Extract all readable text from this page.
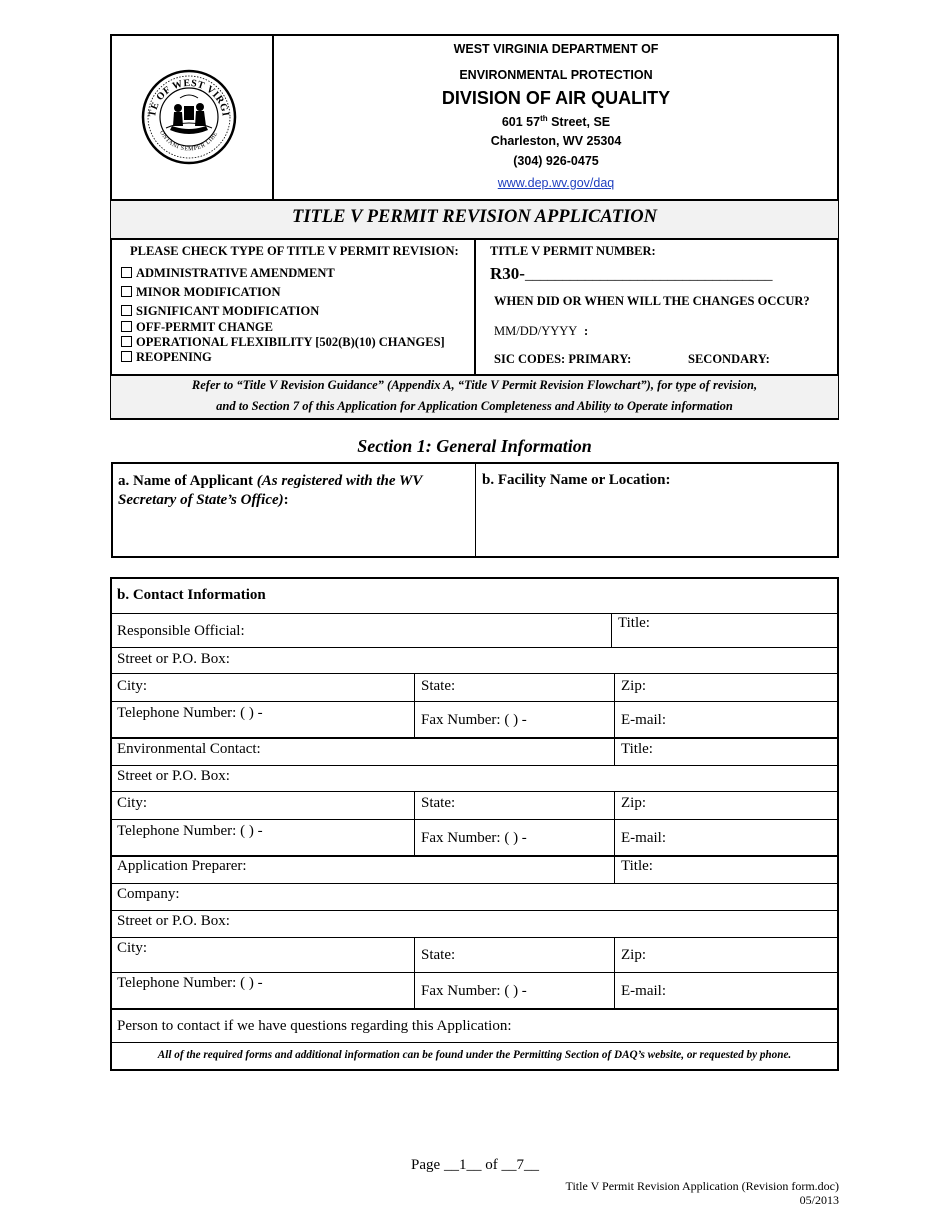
TE OF WEST VIRGI
ONTANI SEMPER LIBE
WEST VIRGINIA DEPARTMENT OF
ENVIRONMENTAL PROTECTION
DIVISION OF AIR QUALITY
601 57th Street, SE
Charleston, WV 25304
(304) 926-0475
www.dep.wv.gov/daq
TITLE V PERMIT REVISION APPLICATION
PLEASE CHECK TYPE OF TITLE V PERMIT REVISION:
ADMINISTRATIVE AMENDMENT
MINOR MODIFICATION
SIGNIFICANT MODIFICATION
OFF-PERMIT CHANGE
OPERATIONAL FLEXIBILITY [502(B)(10) CHANGES]
REOPENING
TITLE V PERMIT NUMBER:
R30-_________________________________
WHEN DID OR WHEN WILL THE CHANGES OCCUR?
MM/DD/YYYY :
SIC CODES: PRIMARY:	SECONDARY:
Refer to “Title V Revision Guidance” (Appendix A, “Title V Permit Revision Flowchart”), for type of revision,
and to Section 7 of this Application for Application Completeness and Ability to Operate information
Section 1: General Information
a. Name of Applicant (As registered with the WV Secretary of State’s Office):
b. Facility Name or Location:
b. Contact Information
Responsible Official:	Title:
Street or P.O. Box:
City:	State:	Zip:
Telephone Number: ( ) -	Fax Number: ( ) -	E-mail:
Environmental Contact:	Title:
Street or P.O. Box:
City:	State:	Zip:
Telephone Number: ( ) -	Fax Number: ( ) -	E-mail:
Application Preparer:	Title:
Company:
Street or P.O. Box:
City:	State:	Zip:
Telephone Number: ( ) -	Fax Number: ( ) -	E-mail:
Person to contact if we have questions regarding this Application:
All of the required forms and additional information can be found under the Permitting Section of DAQ’s website, or requested by phone.
Page __1__ of __7__
Title V Permit Revision Application (Revision form.doc)
05/2013
